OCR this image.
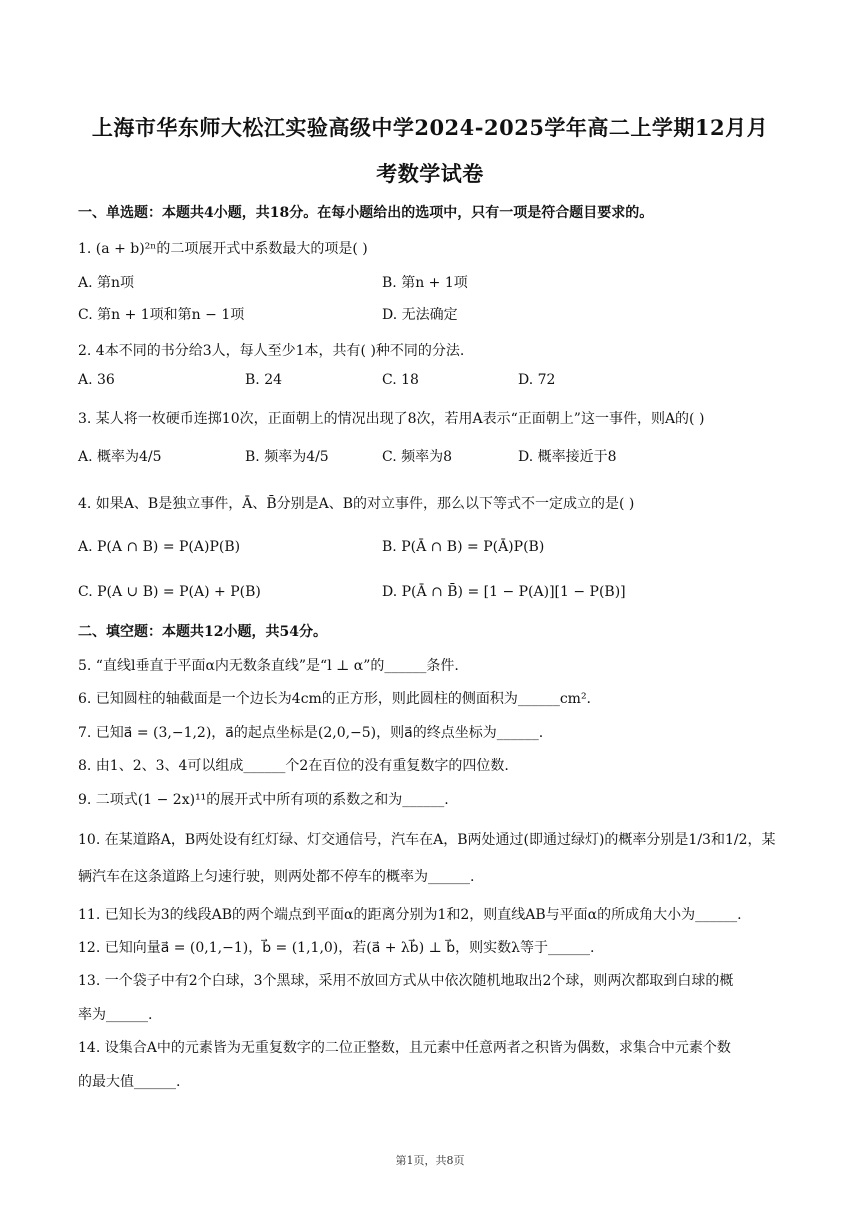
上海市华东师大松江实验高级中学2024-2025学年高二上学期12月月
考数学试卷
一、单选题：本题共4小题，共18分。在每小题给出的选项中，只有一项是符合题目要求的。
1. (a + b)²ⁿ的二项展开式中系数最大的项是( )
A. 第n项	B. 第n + 1项
C. 第n + 1项和第n − 1项	D. 无法确定
2. 4本不同的书分给3人，每人至少1本，共有( )种不同的分法.
A. 36	B. 24	C. 18	D. 72
3. 某人将一枚硬币连掷10次，正面朝上的情况出现了8次，若用A表示“正面朝上”这一事件，则A的( )
A. 概率为4/5	B. 频率为4/5	C. 频率为8	D. 概率接近于8
4. 如果A、B是独立事件，Ā、B̄分别是A、B的对立事件，那么以下等式不一定成立的是( )
A. P(A ∩ B) = P(A)P(B)	B. P(Ā ∩ B) = P(Ā)P(B)
C. P(A ∪ B) = P(A) + P(B)	D. P(Ā ∩ B̄) = [1 − P(A)][1 − P(B)]
二、填空题：本题共12小题，共54分。
5. “直线l垂直于平面α内无数条直线”是“l ⊥ α”的______条件.
6. 已知圆柱的轴截面是一个边长为4cm的正方形，则此圆柱的侧面积为______cm².
7. 已知a⃗ = (3,−1,2)，a⃗的起点坐标是(2,0,−5)，则a⃗的终点坐标为______.
8. 由1、2、3、4可以组成______个2在百位的没有重复数字的四位数.
9. 二项式(1 − 2x)¹¹的展开式中所有项的系数之和为______.
10. 在某道路A，B两处设有红灯绿、灯交通信号，汽车在A，B两处通过(即通过绿灯)的概率分别是1/3和1/2，某
辆汽车在这条道路上匀速行驶，则两处都不停车的概率为______.
11. 已知长为3的线段AB的两个端点到平面α的距离分别为1和2，则直线AB与平面α的所成角大小为______.
12. 已知向量a⃗ = (0,1,−1)，b⃗ = (1,1,0)，若(a⃗ + λb⃗) ⊥ b⃗，则实数λ等于______.
13. 一个袋子中有2个白球，3个黑球，采用不放回方式从中依次随机地取出2个球，则两次都取到白球的概
率为______.
14. 设集合A中的元素皆为无重复数字的二位正整数，且元素中任意两者之积皆为偶数，求集合中元素个数
的最大值______.
第1页，共8页
